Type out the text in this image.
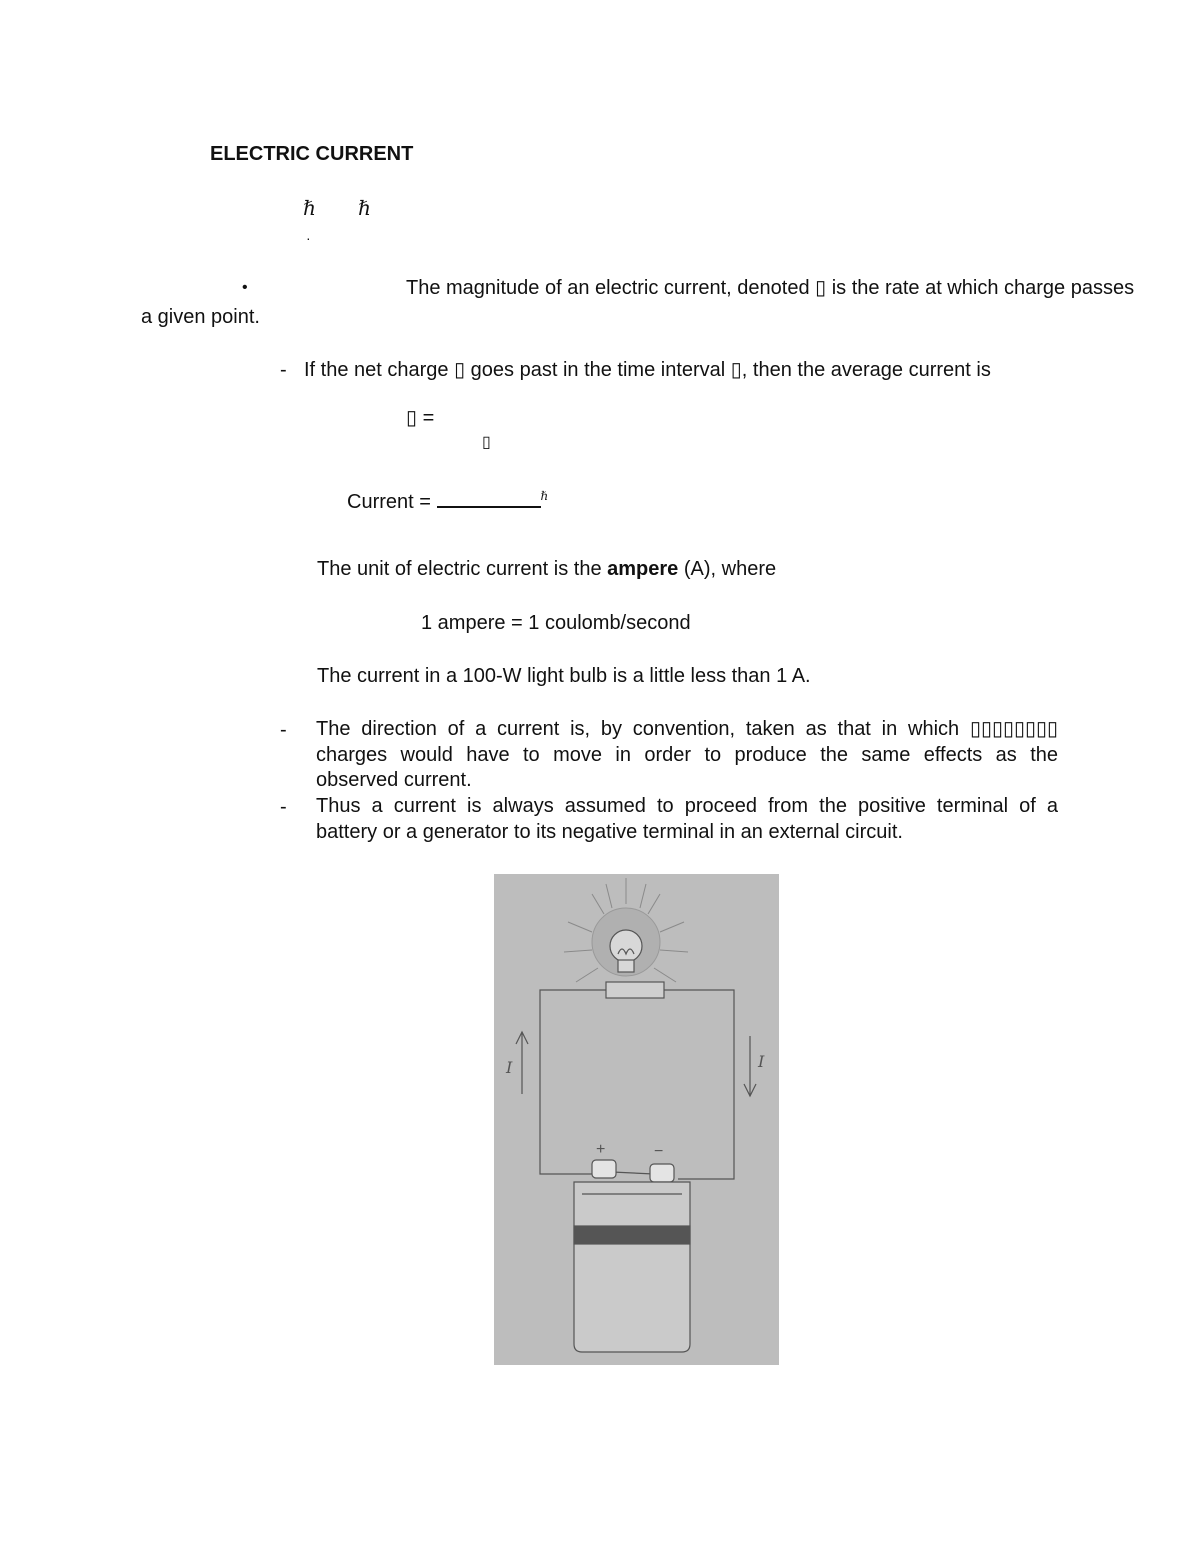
ELECTRIC CURRENT
ℏ ℏ
·
•	The magnitude of an electric current, denoted ▯ is the rate at which charge passes
a given point.
- If the net charge ▯ goes past in the time interval ▯, then the average current is
▯ =
▯
Current =	$^\hbar$
The unit of electric current is the ampere (A), where
1 ampere = 1 coulomb/second
The current in a 100-W light bulb is a little less than 1 A.
- The direction of a current is, by convention, taken as that in which ▯▯▯▯▯▯▯▯
charges would have to move in order to produce the same effects as the
observed current.
- Thus a current is always assumed to proceed from the positive terminal of a
battery or a generator to its negative terminal in an external circuit.
I	I
+	−
